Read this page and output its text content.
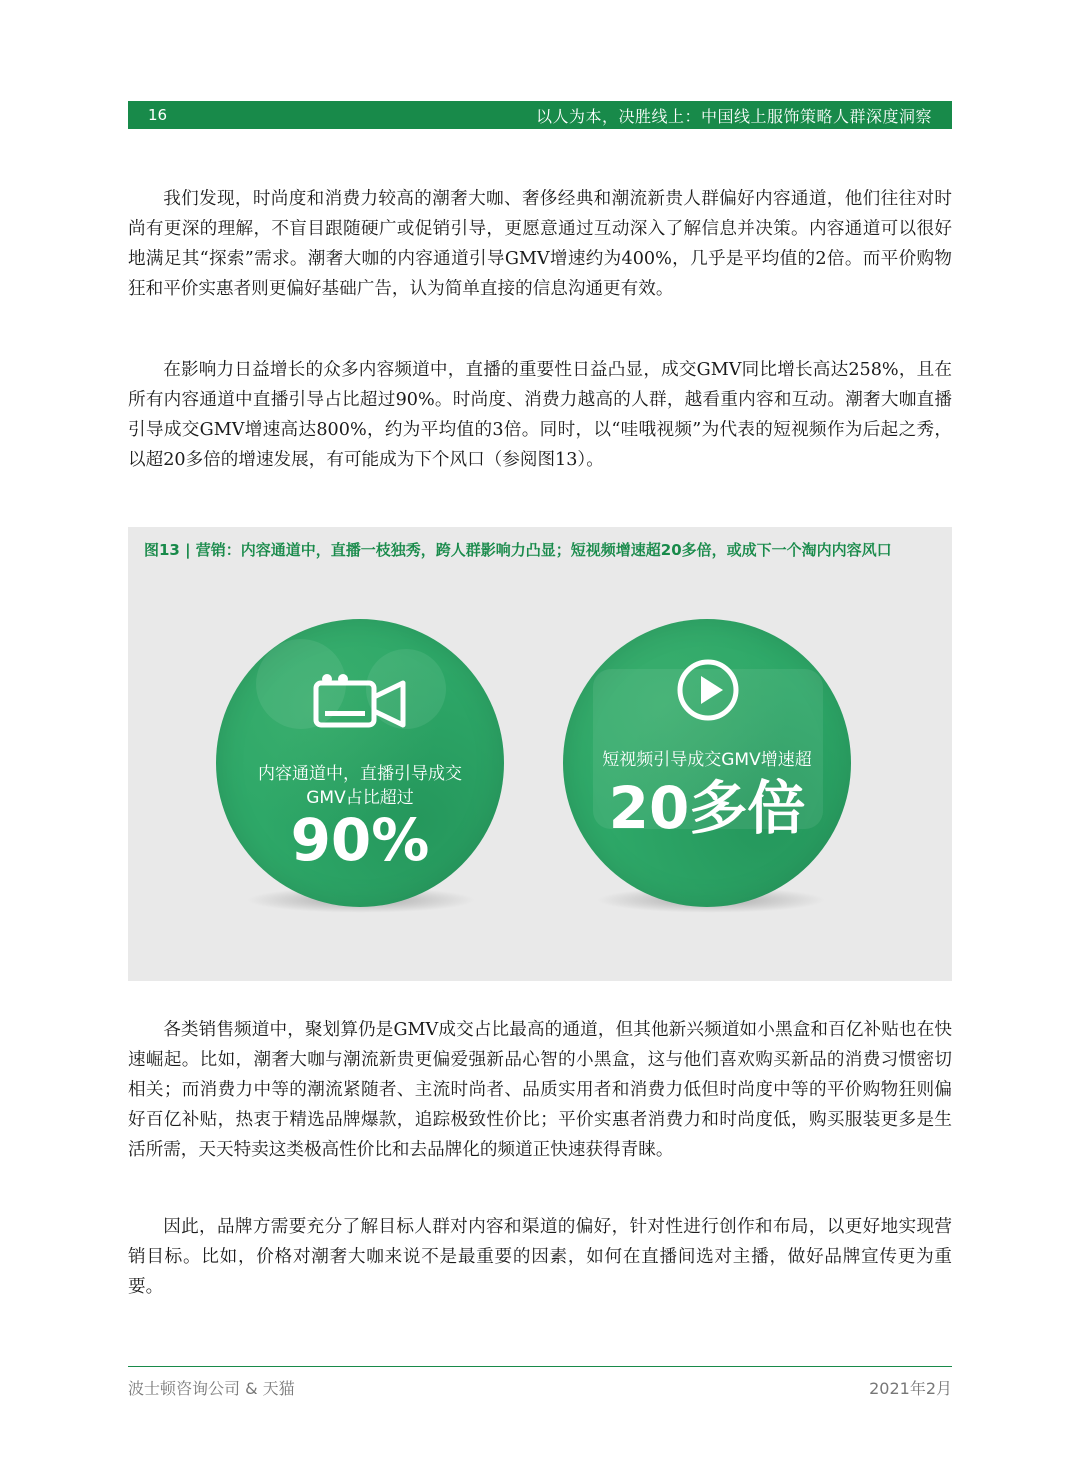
16	以人为本，决胜线上：中国线上服饰策略人群深度洞察

我们发现，时尚度和消费力较高的潮奢大咖、奢侈经典和潮流新贵人群偏好内容通道，他们往往对时尚有更深的理解，不盲目跟随硬广或促销引导，更愿意通过互动深入了解信息并决策。内容通道可以很好地满足其“探索”需求。潮奢大咖的内容通道引导GMV增速约为400%，几乎是平均值的2倍。而平价购物狂和平价实惠者则更偏好基础广告，认为简单直接的信息沟通更有效。

在影响力日益增长的众多内容频道中，直播的重要性日益凸显，成交GMV同比增长高达258%，且在所有内容通道中直播引导占比超过90%。时尚度、消费力越高的人群，越看重内容和互动。潮奢大咖直播引导成交GMV增速高达800%，约为平均值的3倍。同时，以“哇哦视频”为代表的短视频作为后起之秀，以超20多倍的增速发展，有可能成为下个风口（参阅图13）。

图13 | 营销：内容通道中，直播一枝独秀，跨人群影响力凸显；短视频增速超20多倍，或成下一个淘内内容风口
内容通道中，直播引导成交
GMV占比超过
90%
短视频引导成交GMV增速超
20多倍

各类销售频道中，聚划算仍是GMV成交占比最高的通道，但其他新兴频道如小黑盒和百亿补贴也在快速崛起。比如，潮奢大咖与潮流新贵更偏爱强新品心智的小黑盒，这与他们喜欢购买新品的消费习惯密切相关；而消费力中等的潮流紧随者、主流时尚者、品质实用者和消费力低但时尚度中等的平价购物狂则偏好百亿补贴，热衷于精选品牌爆款，追踪极致性价比；平价实惠者消费力和时尚度低，购买服装更多是生活所需，天天特卖这类极高性价比和去品牌化的频道正快速获得青睐。

因此，品牌方需要充分了解目标人群对内容和渠道的偏好，针对性进行创作和布局，以更好地实现营销目标。比如，价格对潮奢大咖来说不是最重要的因素，如何在直播间选对主播，做好品牌宣传更为重要。

波士顿咨询公司 & 天猫	2021年2月
